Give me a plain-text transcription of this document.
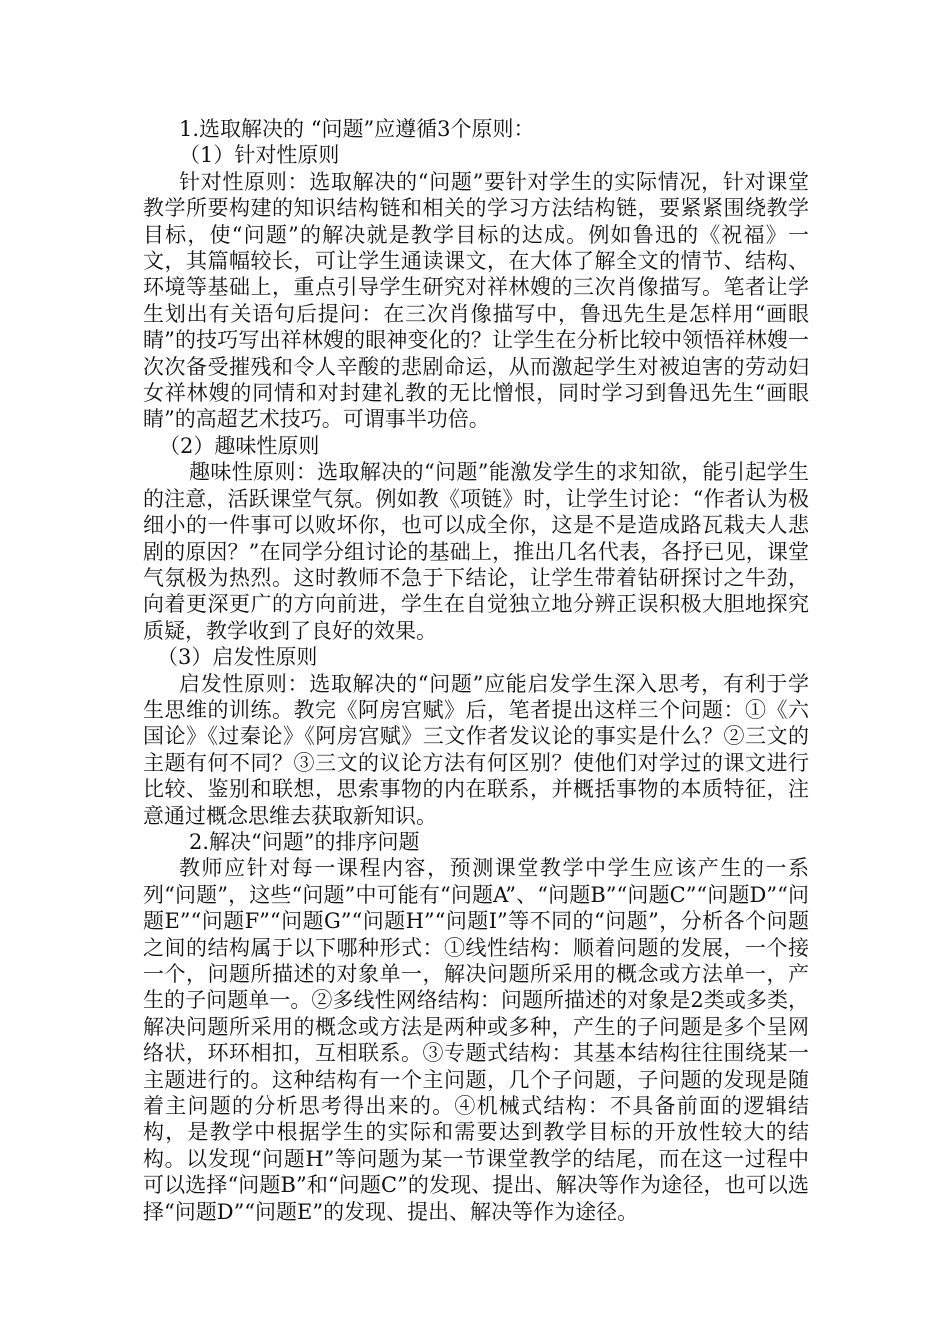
1.选取解决的 “问题”应遵循3个原则：

（1）针对性原则

针对性原则：选取解决的“问题”要针对学生的实际情况，针对课堂教学所要构建的知识结构链和相关的学习方法结构链，要紧紧围绕教学目标，使“问题”的解决就是教学目标的达成。例如鲁迅的《祝福》一文，其篇幅较长，可让学生通读课文，在大体了解全文的情节、结构、环境等基础上，重点引导学生研究对祥林嫂的三次肖像描写。笔者让学生划出有关语句后提问：在三次肖像描写中，鲁迅先生是怎样用“画眼睛”的技巧写出祥林嫂的眼神变化的？让学生在分析比较中领悟祥林嫂一次次备受摧残和令人辛酸的悲剧命运，从而激起学生对被迫害的劳动妇女祥林嫂的同情和对封建礼教的无比憎恨，同时学习到鲁迅先生“画眼睛”的高超艺术技巧。可谓事半功倍。

（2）趣味性原则

趣味性原则：选取解决的“问题”能激发学生的求知欲，能引起学生的注意，活跃课堂气氛。例如教《项链》时，让学生讨论：“作者认为极细小的一件事可以败坏你，也可以成全你，这是不是造成路瓦栽夫人悲剧的原因？”在同学分组讨论的基础上，推出几名代表，各抒已见，课堂气氛极为热烈。这时教师不急于下结论，让学生带着钻研探讨之牛劲，向着更深更广的方向前进，学生在自觉独立地分辨正误积极大胆地探究质疑，教学收到了良好的效果。

（3）启发性原则

启发性原则：选取解决的“问题”应能启发学生深入思考，有利于学生思维的训练。教完《阿房宫赋》后，笔者提出这样三个问题：①《六国论》《过秦论》《阿房宫赋》三文作者发议论的事实是什么？②三文的主题有何不同？③三文的议论方法有何区别？使他们对学过的课文进行比较、鉴别和联想，思索事物的内在联系，并概括事物的本质特征，注意通过概念思维去获取新知识。

2.解决“问题”的排序问题

教师应针对每一课程内容，预测课堂教学中学生应该产生的一系列“问题”，这些“问题”中可能有“问题A”、“问题B”“问题C”“问题D”“问题E”“问题F”“问题G”“问题H”“问题I”等不同的“问题”，分析各个问题之间的结构属于以下哪种形式：①线性结构：顺着问题的发展，一个接一个，问题所描述的对象单一，解决问题所采用的概念或方法单一，产生的子问题单一。②多线性网络结构：问题所描述的对象是2类或多类，解决问题所采用的概念或方法是两种或多种，产生的子问题是多个呈网络状，环环相扣，互相联系。③专题式结构：其基本结构往往围绕某一主题进行的。这种结构有一个主问题，几个子问题，子问题的发现是随着主问题的分析思考得出来的。④机械式结构：不具备前面的逻辑结构，是教学中根据学生的实际和需要达到教学目标的开放性较大的结构。以发现“问题H”等问题为某一节课堂教学的结尾，而在这一过程中可以选择“问题B”和“问题C”的发现、提出、解决等作为途径，也可以选择“问题D”“问题E”的发现、提出、解决等作为途径。
